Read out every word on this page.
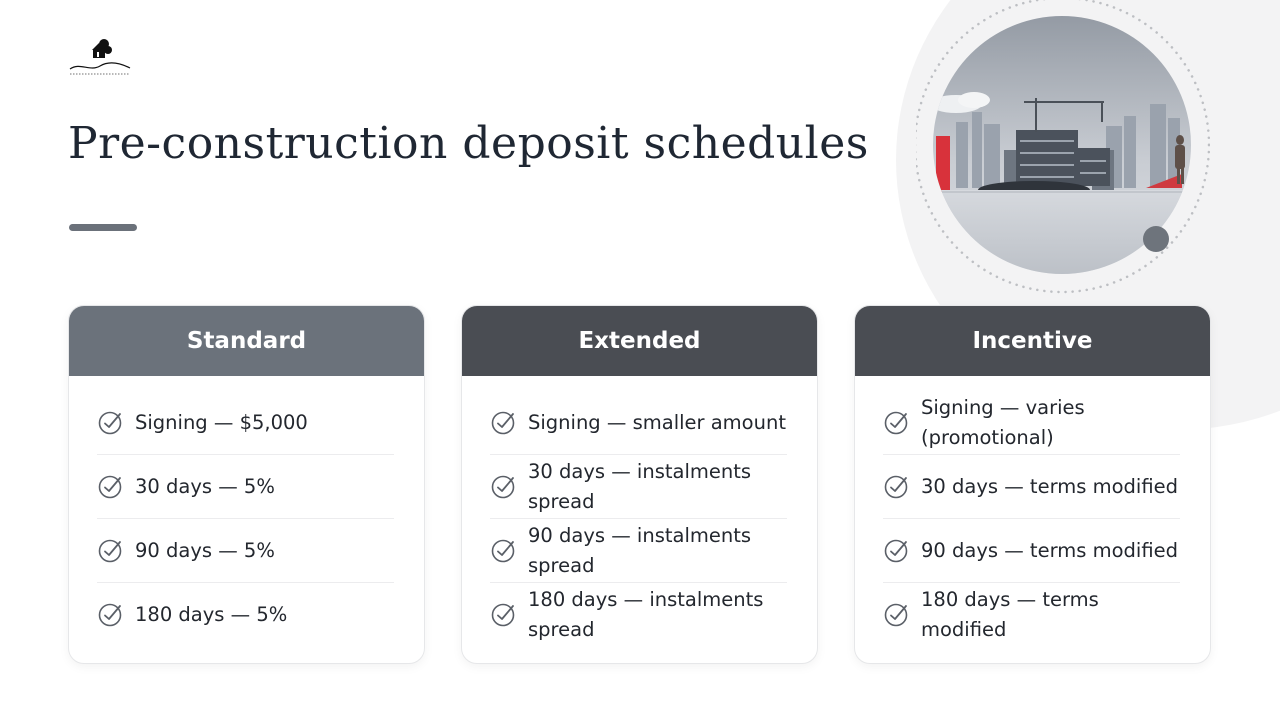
Pre-construction deposit schedules
Standard
Signing — $5,000
30 days — 5%
90 days — 5%
180 days — 5%
Extended
Signing — smaller amount
30 days — instalments spread
90 days — instalments spread
180 days — instalments spread
Incentive
Signing — varies (promotional)
30 days — terms modified
90 days — terms modified
180 days — terms modified
